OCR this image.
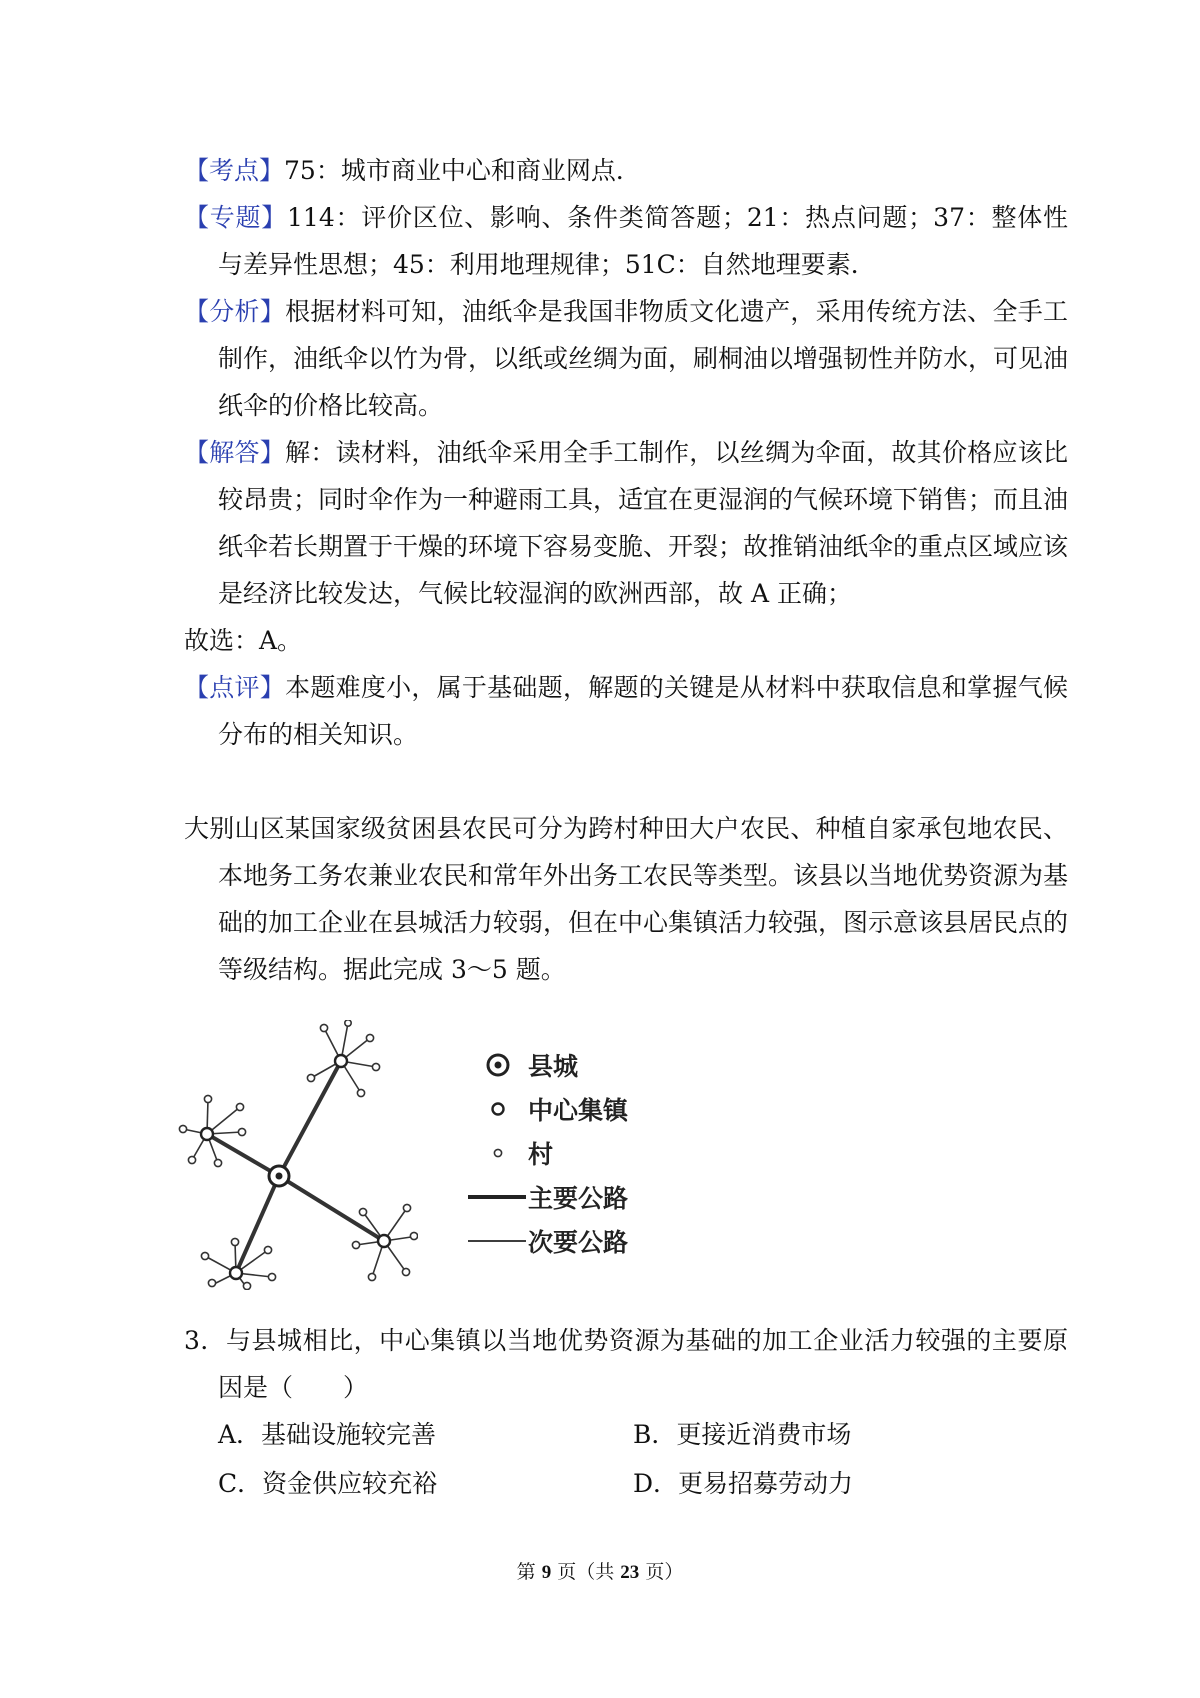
【考点】75：城市商业中心和商业网点．
【专题】114：评价区位、影响、条件类简答题；21：热点问题；37：整体性与差异性思想；45：利用地理规律；51C：自然地理要素．
【分析】根据材料可知，油纸伞是我国非物质文化遗产，采用传统方法、全手工制作，油纸伞以竹为骨，以纸或丝绸为面，刷桐油以增强韧性并防水，可见油纸伞的价格比较高。
【解答】解：读材料，油纸伞采用全手工制作，以丝绸为伞面，故其价格应该比较昂贵；同时伞作为一种避雨工具，适宜在更湿润的气候环境下销售；而且油纸伞若长期置于干燥的环境下容易变脆、开裂；故推销油纸伞的重点区域应该是经济比较发达，气候比较湿润的欧洲西部，故 A 正确；
故选：A。
【点评】本题难度小，属于基础题，解题的关键是从材料中获取信息和掌握气候分布的相关知识。
大别山区某国家级贫困县农民可分为跨村种田大户农民、种植自家承包地农民、本地务工务农兼业农民和常年外出务工农民等类型。该县以当地优势资源为基础的加工企业在县城活力较弱，但在中心集镇活力较强，图示意该县居民点的等级结构。据此完成 3～5 题。
县城
中心集镇
村
主要公路
次要公路
3．与县城相比，中心集镇以当地优势资源为基础的加工企业活力较强的主要原因是（　　）
A．基础设施较完善	B．更接近消费市场
C．资金供应较充裕	D．更易招募劳动力
第 9 页（共 23 页）
